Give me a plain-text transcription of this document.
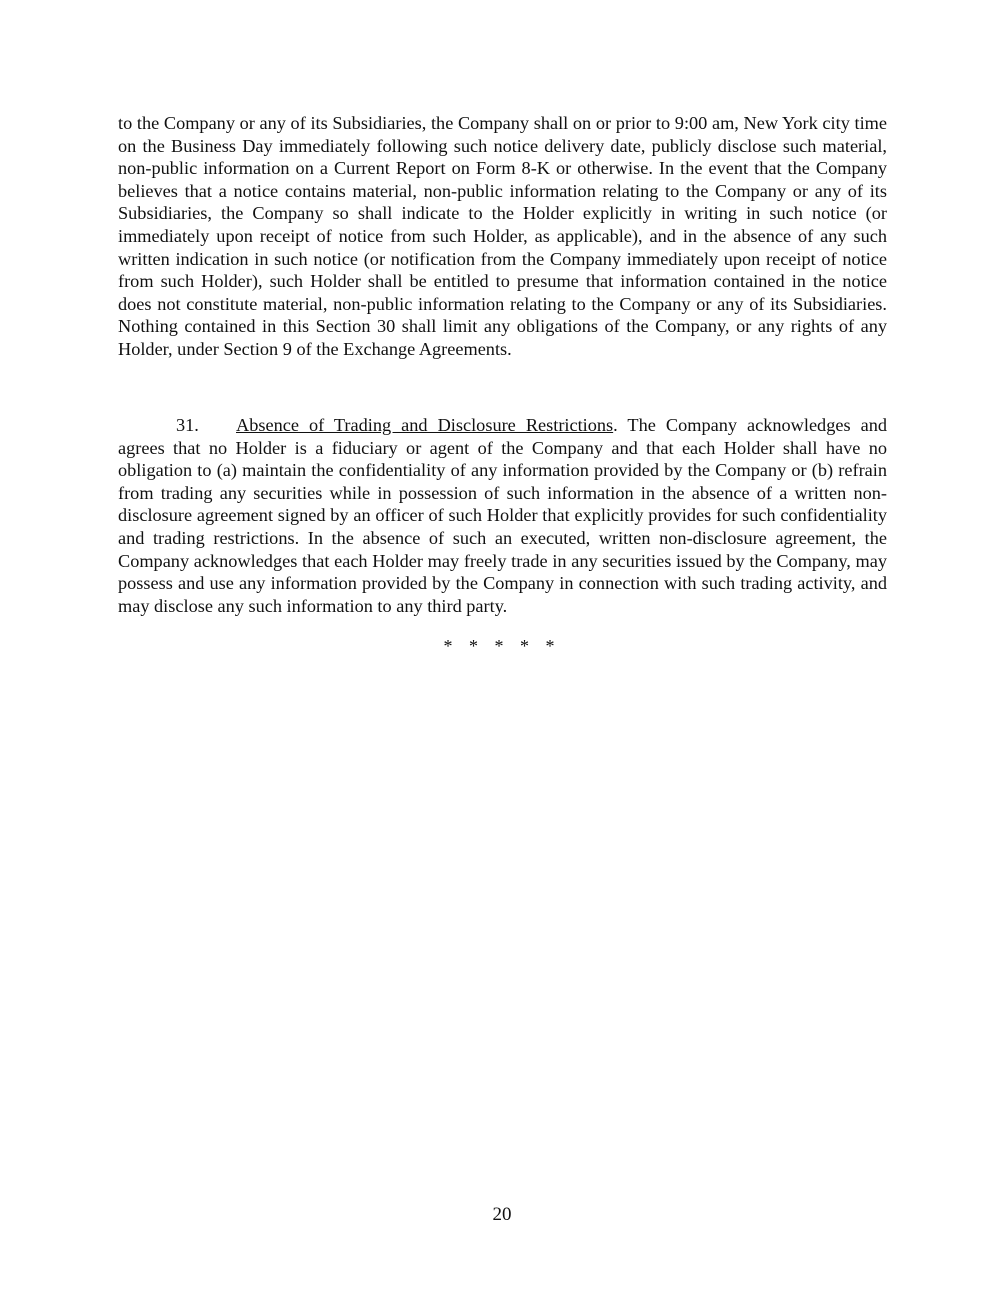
to the Company or any of its Subsidiaries, the Company shall on or prior to 9:00 am, New York city time on the Business Day immediately following such notice delivery date, publicly disclose such material, non-public information on a Current Report on Form 8-K or otherwise. In the event that the Company believes that a notice contains material, non-public information relating to the Company or any of its Subsidiaries, the Company so shall indicate to the Holder explicitly in writing in such notice (or immediately upon receipt of notice from such Holder, as applicable), and in the absence of any such written indication in such notice (or notification from the Company immediately upon receipt of notice from such Holder), such Holder shall be entitled to presume that information contained in the notice does not constitute material, non-public information relating to the Company or any of its Subsidiaries. Nothing contained in this Section 30 shall limit any obligations of the Company, or any rights of any Holder, under Section 9 of the Exchange Agreements.

31. Absence of Trading and Disclosure Restrictions. The Company acknowledges and agrees that no Holder is a fiduciary or agent of the Company and that each Holder shall have no obligation to (a) maintain the confidentiality of any information provided by the Company or (b) refrain from trading any securities while in possession of such information in the absence of a written non-disclosure agreement signed by an officer of such Holder that explicitly provides for such confidentiality and trading restrictions. In the absence of such an executed, written non-disclosure agreement, the Company acknowledges that each Holder may freely trade in any securities issued by the Company, may possess and use any information provided by the Company in connection with such trading activity, and may disclose any such information to any third party.

* * * * *

20
